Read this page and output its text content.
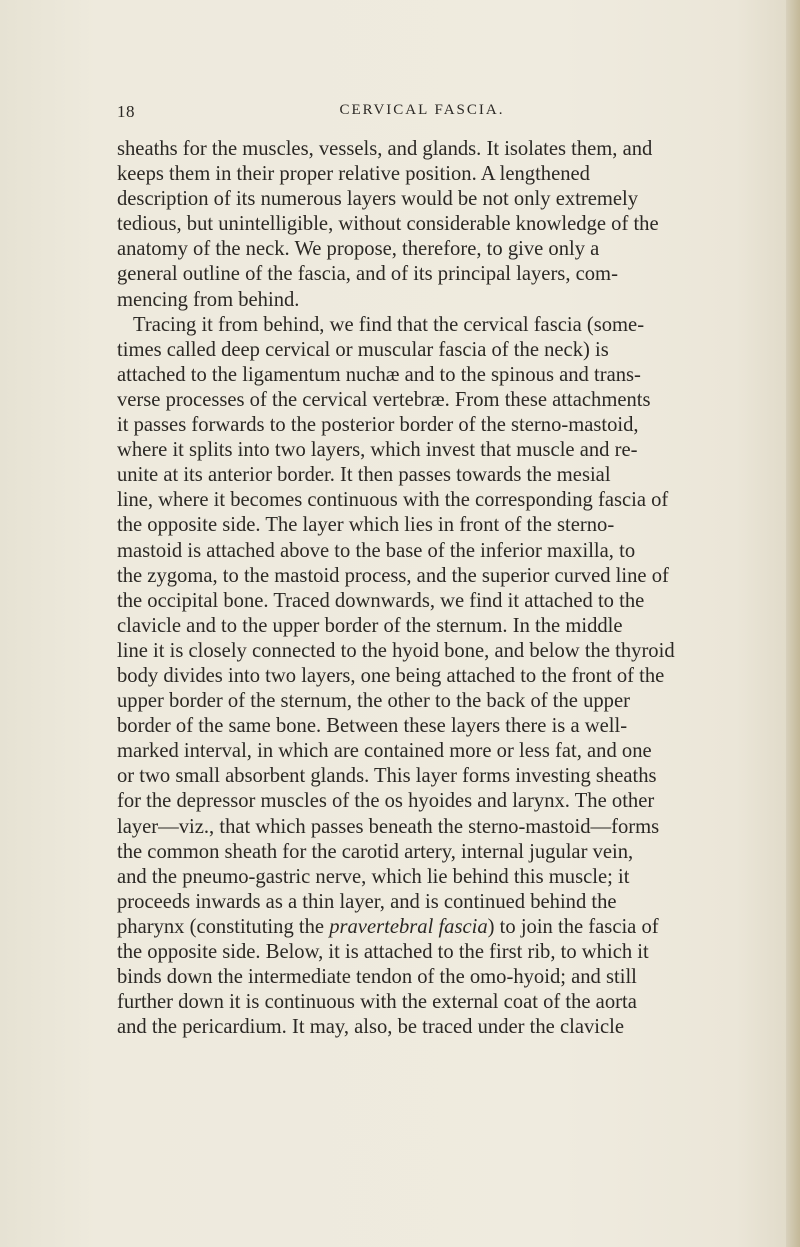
18	CERVICAL FASCIA.
sheaths for the muscles, vessels, and glands. It isolates them, and
keeps them in their proper relative position. A lengthened
description of its numerous layers would be not only extremely
tedious, but unintelligible, without considerable knowledge of the
anatomy of the neck. We propose, therefore, to give only a
general outline of the fascia, and of its principal layers, com-
mencing from behind.
Tracing it from behind, we find that the cervical fascia (some-
times called deep cervical or muscular fascia of the neck) is
attached to the ligamentum nuchæ and to the spinous and trans-
verse processes of the cervical vertebræ. From these attachments
it passes forwards to the posterior border of the sterno-mastoid,
where it splits into two layers, which invest that muscle and re-
unite at its anterior border. It then passes towards the mesial
line, where it becomes continuous with the corresponding fascia of
the opposite side. The layer which lies in front of the sterno-
mastoid is attached above to the base of the inferior maxilla, to
the zygoma, to the mastoid process, and the superior curved line of
the occipital bone. Traced downwards, we find it attached to the
clavicle and to the upper border of the sternum. In the middle
line it is closely connected to the hyoid bone, and below the thyroid
body divides into two layers, one being attached to the front of the
upper border of the sternum, the other to the back of the upper
border of the same bone. Between these layers there is a well-
marked interval, in which are contained more or less fat, and one
or two small absorbent glands. This layer forms investing sheaths
for the depressor muscles of the os hyoides and larynx. The other
layer—viz., that which passes beneath the sterno-mastoid—forms
the common sheath for the carotid artery, internal jugular vein,
and the pneumo-gastric nerve, which lie behind this muscle; it
proceeds inwards as a thin layer, and is continued behind the
pharynx (constituting the pravertebral fascia) to join the fascia of
the opposite side. Below, it is attached to the first rib, to which it
binds down the intermediate tendon of the omo-hyoid; and still
further down it is continuous with the external coat of the aorta
and the pericardium. It may, also, be traced under the clavicle
